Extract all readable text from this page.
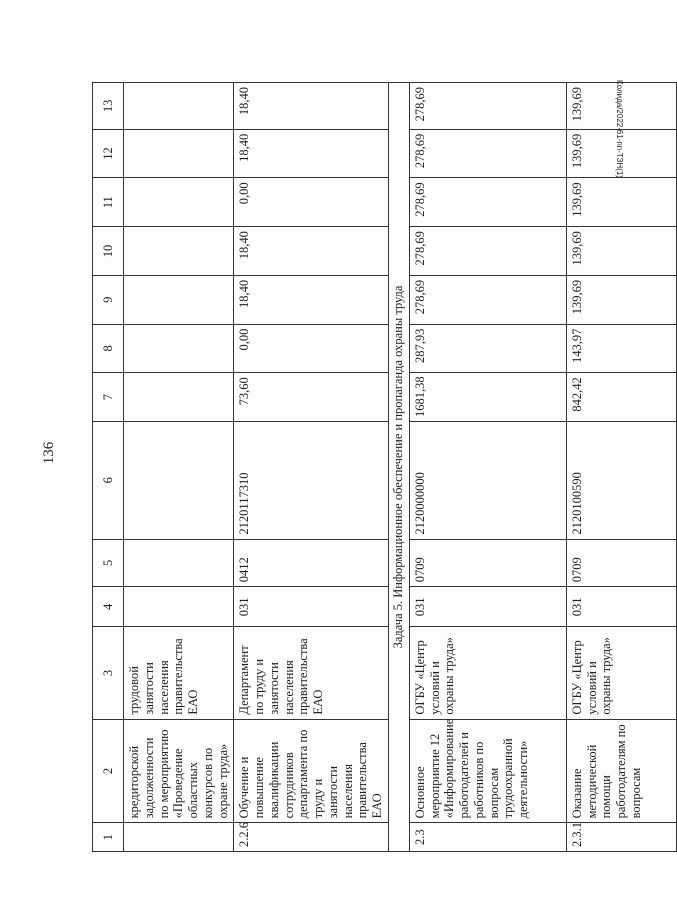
136
Колида/2022-61-пп-ТЗН(1)
1	2	3	4	5	6	7	8	9	10	11	12	13
	кредиторской задолженности по мероприятию «Проведение областных конкурсов по охране труда»	трудовой занятости населения правительства ЕАО										
2.2.6	Обучение и повышение квалификации сотрудников департамента по труду и занятости населения правительства ЕАО	Департамент по труду и занятости населения правительства ЕАО	031	0412	2120117310	73,60	0,00	18,40	18,40	0,00	18,40	18,40
Задача 5. Информационное обеспечение и пропаганда охраны труда												
2.3	Основное мероприятие 12 «Информирование работодателей и работников по вопросам трудоохранной деятельности»	ОГБУ «Центр условий и охраны труда»	031	0709	2120000000	1681,38	287,93	278,69	278,69	278,69	278,69	278,69
2.3.1	Оказание методической помощи работодателям по вопросам	ОГБУ «Центр условий и охраны труда»	031	0709	2120100590	842,42	143,97	139,69	139,69	139,69	139,69	139,69
